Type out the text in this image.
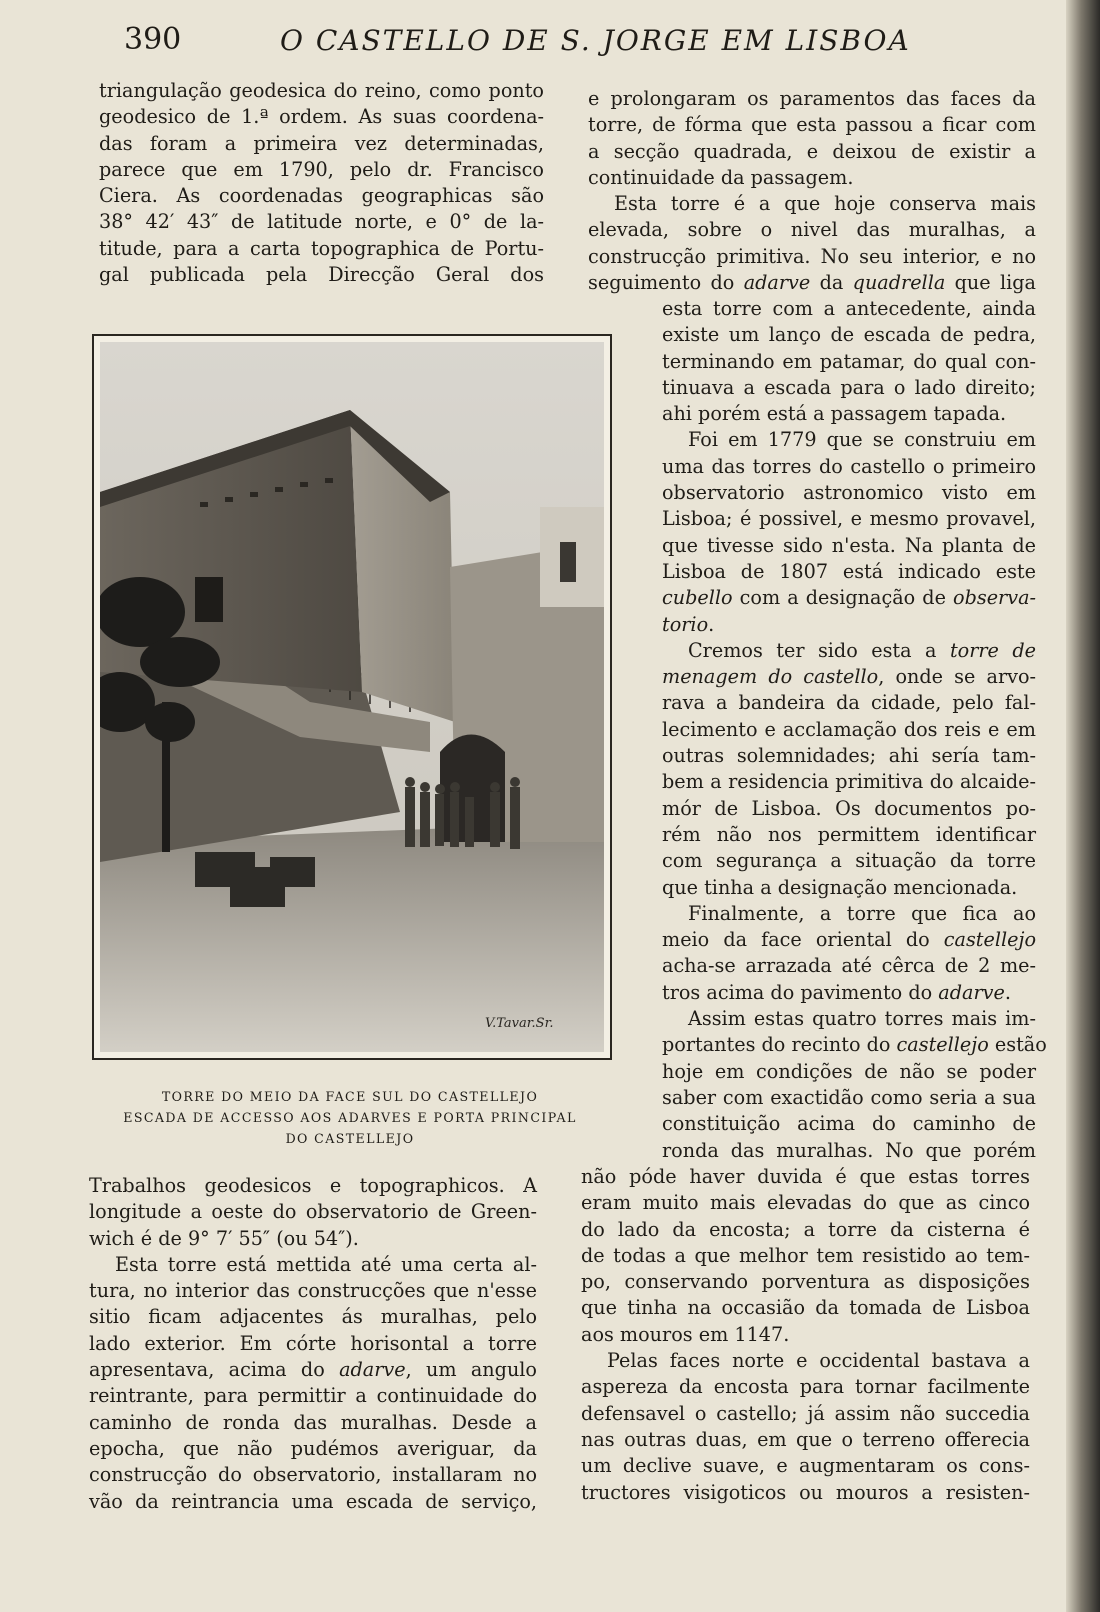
390	O CASTELLO DE S. JORGE EM LISBOA
triangulação geodesica do reino, como ponto
geodesico de 1.ª ordem. As suas coordena-
das foram a primeira vez determinadas,
parece que em 1790, pelo dr. Francisco
Ciera. As coordenadas geographicas são
38° 42′ 43″ de latitude norte, e 0° de la-
titude, para a carta topographica de Portu-
gal publicada pela Direcção Geral dos
V.Tavar.Sr.
TORRE DO MEIO DA FACE SUL DO CASTELLEJO
ESCADA DE ACCESSO AOS ADARVES E PORTA PRINCIPAL
DO CASTELLEJO
Trabalhos geodesicos e topographicos. A
longitude a oeste do observatorio de Green-
wich é de 9° 7′ 55″ (ou 54″).
Esta torre está mettida até uma certa al-
tura, no interior das construcções que n'esse
sitio ficam adjacentes ás muralhas, pelo
lado exterior. Em córte horisontal a torre
apresentava, acima do adarve, um angulo
reintrante, para permittir a continuidade do
caminho de ronda das muralhas. Desde a
epocha, que não pudémos averiguar, da
construcção do observatorio, installaram no
vão da reintrancia uma escada de serviço,
e prolongaram os paramentos das faces da
torre, de fórma que esta passou a ficar com
a secção quadrada, e deixou de existir a
continuidade da passagem.
Esta torre é a que hoje conserva mais
elevada, sobre o nivel das muralhas, a
construcção primitiva. No seu interior, e no
seguimento do adarve da quadrella que liga
esta torre com a antecedente, ainda
existe um lanço de escada de pedra,
terminando em patamar, do qual con-
tinuava a escada para o lado direito;
ahi porém está a passagem tapada.
Foi em 1779 que se construiu em
uma das torres do castello o primeiro
observatorio astronomico visto em
Lisboa; é possivel, e mesmo provavel,
que tivesse sido n'esta. Na planta de
Lisboa de 1807 está indicado este
cubello com a designação de observa-
torio.
Cremos ter sido esta a torre de
menagem do castello, onde se arvo-
rava a bandeira da cidade, pelo fal-
lecimento e acclamação dos reis e em
outras solemnidades; ahi sería tam-
bem a residencia primitiva do alcaide-
mór de Lisboa. Os documentos po-
rém não nos permittem identificar
com segurança a situação da torre
que tinha a designação mencionada.
Finalmente, a torre que fica ao
meio da face oriental do castellejo
acha-se arrazada até cêrca de 2 me-
tros acima do pavimento do adarve.
Assim estas quatro torres mais im-
portantes do recinto do castellejo estão
hoje em condições de não se poder
saber com exactidão como seria a sua
constituição acima do caminho de
ronda das muralhas. No que porém
não póde haver duvida é que estas torres
eram muito mais elevadas do que as cinco
do lado da encosta; a torre da cisterna é
de todas a que melhor tem resistido ao tem-
po, conservando porventura as disposições
que tinha na occasião da tomada de Lisboa
aos mouros em 1147.
Pelas faces norte e occidental bastava a
aspereza da encosta para tornar facilmente
defensavel o castello; já assim não succedia
nas outras duas, em que o terreno offerecia
um declive suave, e augmentaram os cons-
tructores visigoticos ou mouros a resisten-
